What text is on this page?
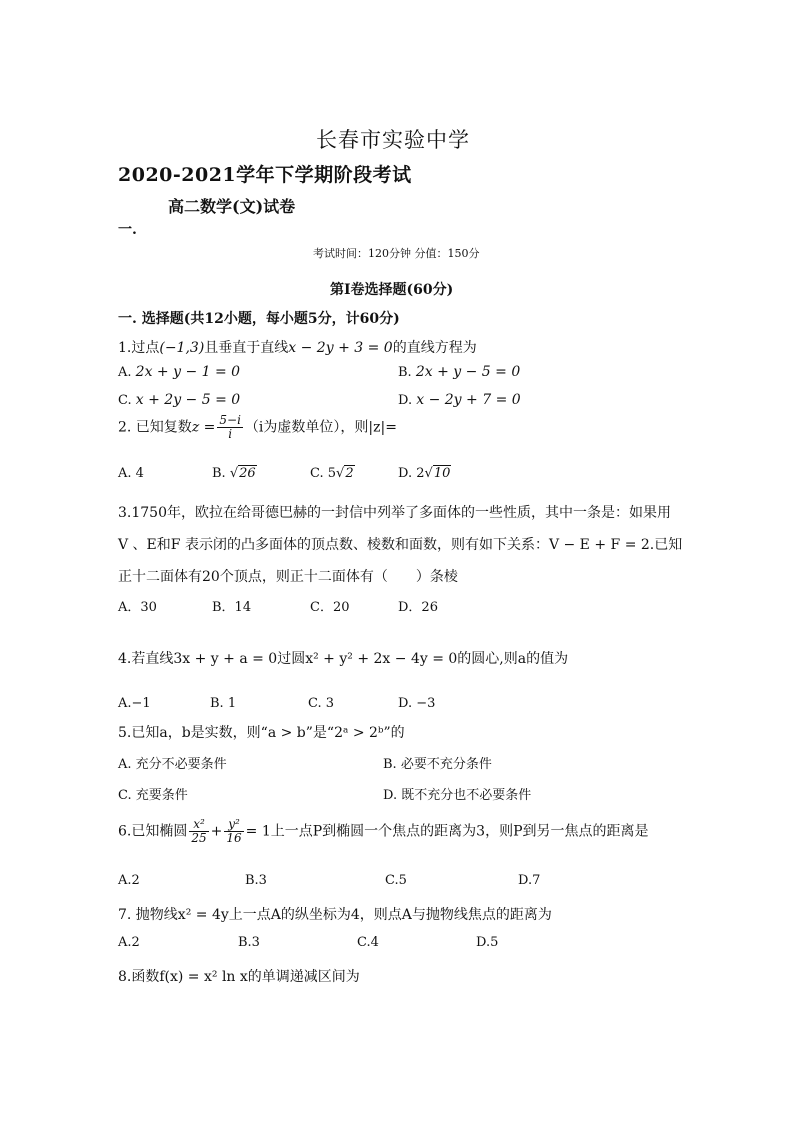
长春市实验中学
2020-2021学年下学期阶段考试
高二数学(文)试卷
一.
考试时间：120分钟 分值：150分
第Ⅰ卷选择题(60分)
一. 选择题(共12小题，每小题5分，计60分)
1.过点(−1,3)且垂直于直线x − 2y + 3 = 0的直线方程为
A. 2x + y − 1 = 0	B. 2x + y − 5 = 0
C. x + 2y − 5 = 0	D. x − 2y + 7 = 0
2. 已知复数$z = \frac{5-i}{i} (i$为虚数单位），则|z|=
A. 4	B. √26	C. 5√2	D. 2√10
3.1750年，欧拉在给哥德巴赫的一封信中列举了多面体的一些性质，其中一条是：如果用
V 、E和F 表示闭的凸多面体的顶点数、棱数和面数，则有如下关系：V − E + F = 2.已知
正十二面体有20个顶点，则正十二面体有（　　）条棱
A．30	B．14	C．20	D．26
4.若直线3x + y + a = 0过圆x² + y² + 2x − 4y = 0的圆心,则a的值为
A.−1	B. 1	C. 3	D. −3
5.已知a，b是实数，则“a > b”是“2ᵃ > 2ᵇ”的
A. 充分不必要条件	B. 必要不充分条件
C. 充要条件	D. 既不充分也不必要条件
6.已知椭圆 $\frac{\text{x²}}{25} + \frac{\text{y²}}{16} = 1$上一点P到椭圆一个焦点的距离为3，则P到另一焦点的距离是
A.2	B.3	C.5	D.7
7. 抛物线x² = 4y上一点A的纵坐标为4，则点A与抛物线焦点的距离为
A.2	B.3	C.4	D.5
8.函数f(x) = x² ln x的单调递减区间为
